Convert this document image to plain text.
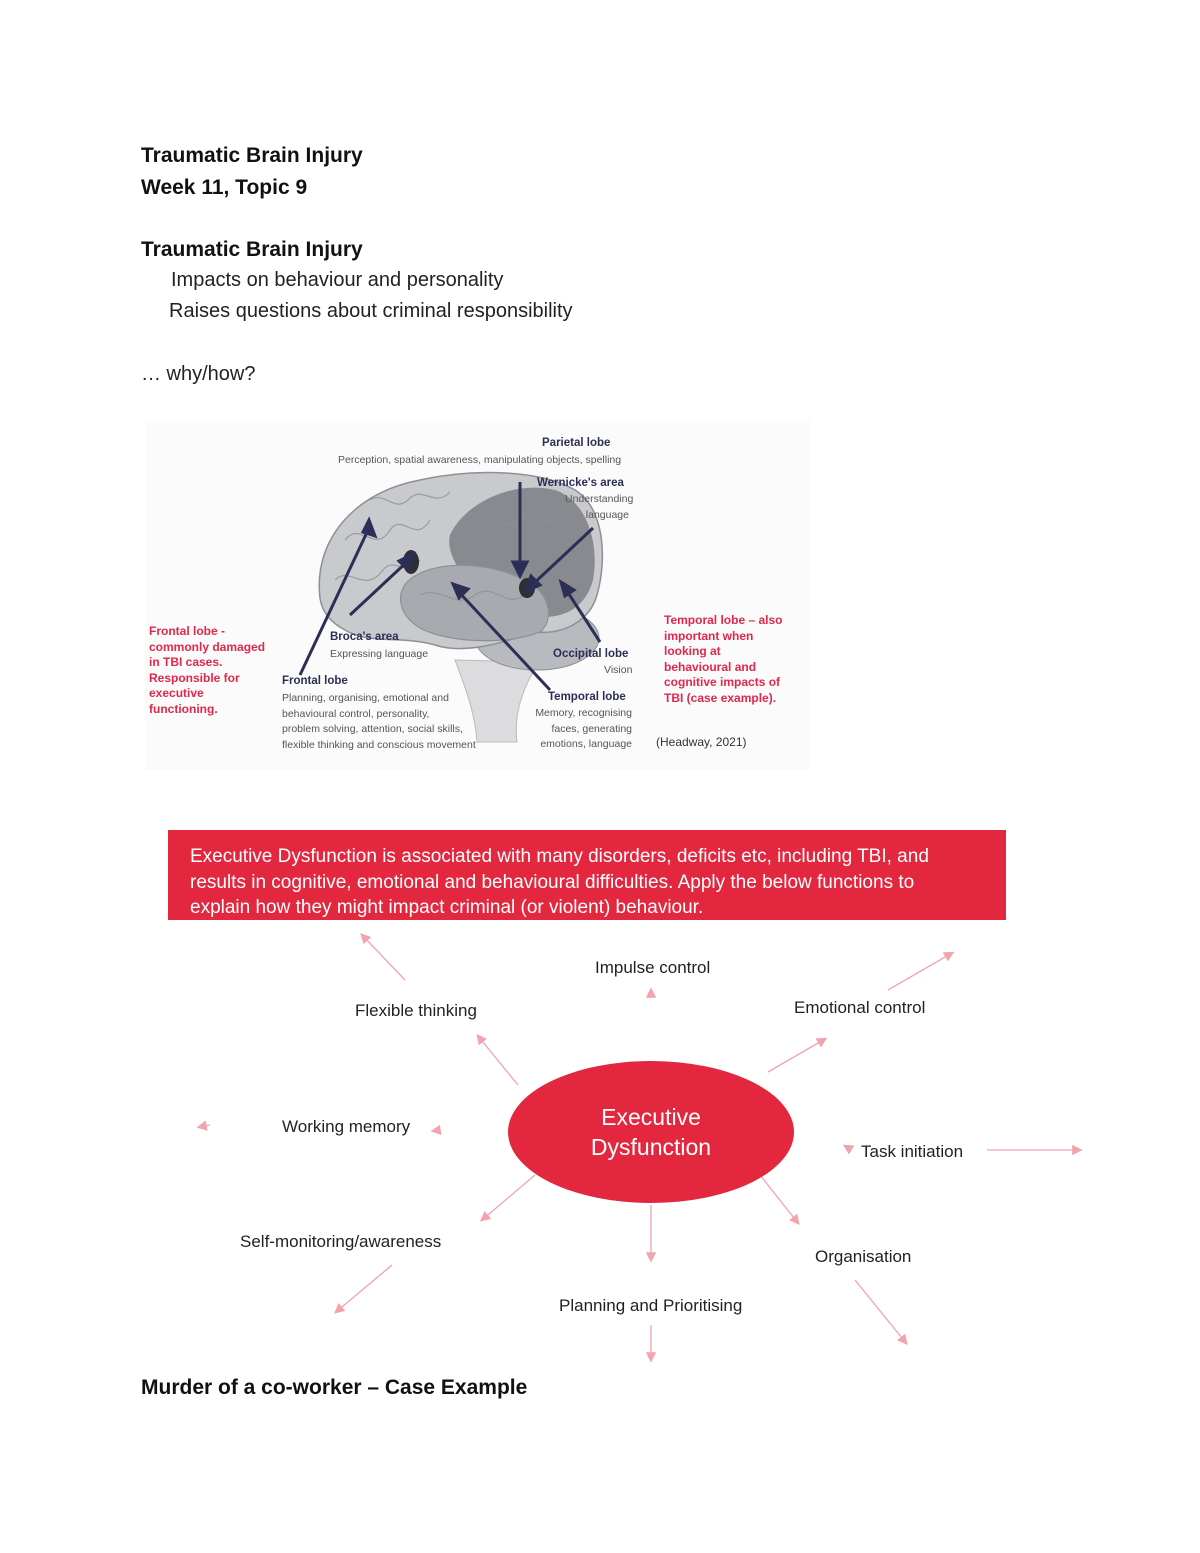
Traumatic Brain Injury
Week 11, Topic 9
Traumatic Brain Injury
Impacts on behaviour and personality
Raises questions about criminal responsibility
… why/how?
Parietal lobe
Perception, spatial awareness, manipulating objects, spelling
Wernicke's area
Understanding
language
Broca's area
Expressing language
Frontal lobe
Planning, organising, emotional and
behavioural control, personality,
problem solving, attention, social skills,
flexible thinking and conscious movement
Occipital lobe
Vision
Temporal lobe
Memory, recognising
faces, generating
emotions, language
Frontal lobe -
commonly damaged
in TBI cases.
Responsible for
executive
functioning.
Temporal lobe – also
important when
looking at
behavioural and
cognitive impacts of
TBI (case example).
(Headway, 2021)
Executive Dysfunction is associated with many disorders, deficits etc, including TBI, and
results in cognitive, emotional and behavioural difficulties. Apply the below functions to
explain how they might impact criminal (or violent) behaviour.
Impulse control
Flexible thinking	Emotional control
Working memory
Task initiation
Self-monitoring/awareness
Organisation
Planning and Prioritising
Executive
Dysfunction
Murder of a co-worker – Case Example
